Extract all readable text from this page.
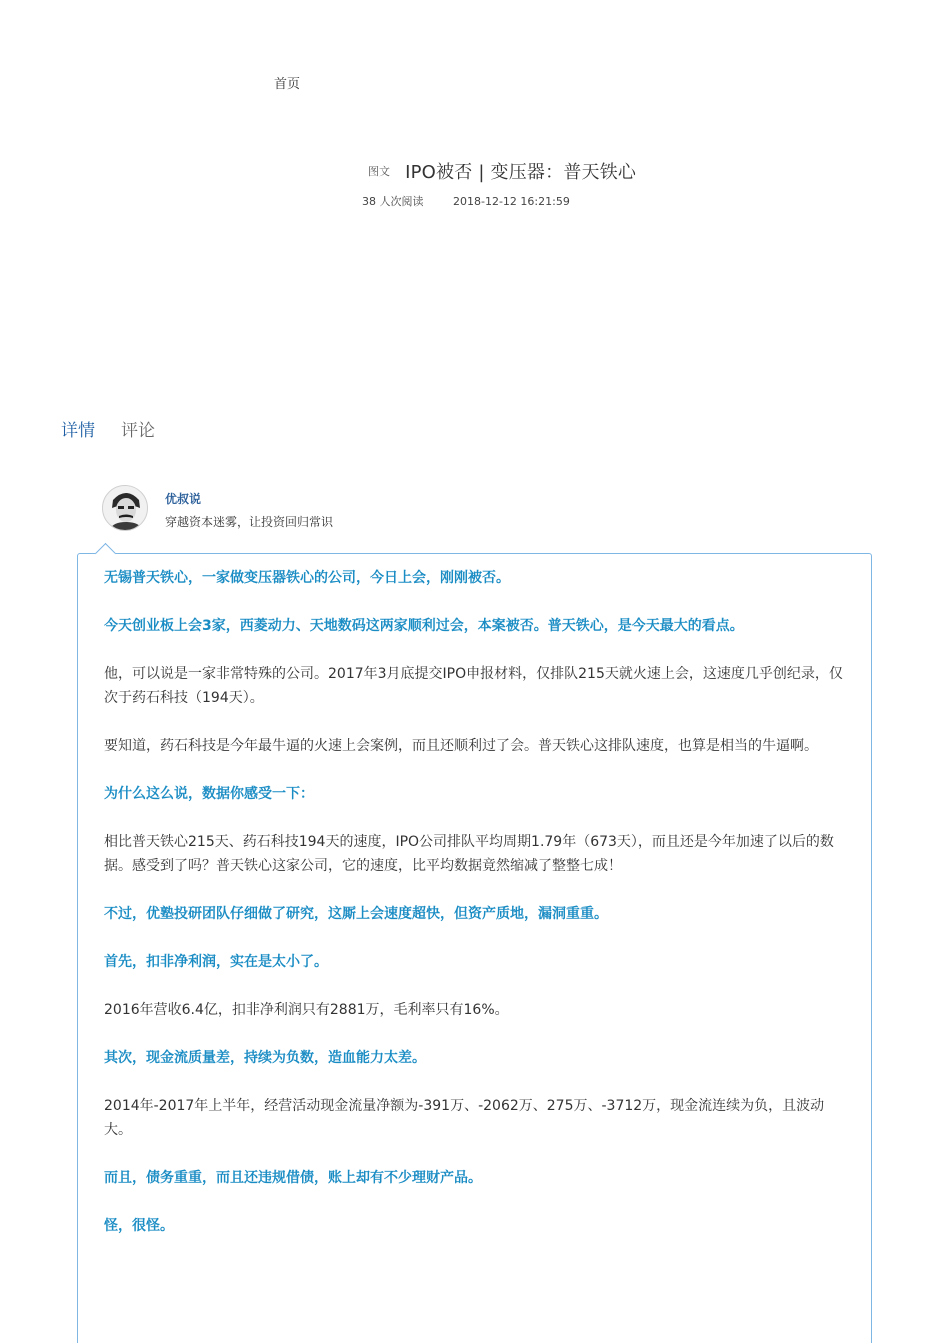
首页
图文 IPO被否 | 变压器：普天铁心
38 人次阅读	2018-12-12 16:21:59
详情 评论
优叔说
穿越资本迷雾，让投资回归常识

无锡普天铁心，一家做变压器铁心的公司，今日上会，刚刚被否。

今天创业板上会3家，西菱动力、天地数码这两家顺利过会，本案被否。普天铁心，是今天最大的看点。

他，可以说是一家非常特殊的公司。2017年3月底提交IPO申报材料，仅排队215天就火速上会，这速度几乎创纪录，仅次于药石科技（194天）。

要知道，药石科技是今年最牛逼的火速上会案例，而且还顺利过了会。普天铁心这排队速度，也算是相当的牛逼啊。

为什么这么说，数据你感受一下：

相比普天铁心215天、药石科技194天的速度，IPO公司排队平均周期1.79年（673天），而且还是今年加速了以后的数据。感受到了吗？普天铁心这家公司，它的速度，比平均数据竟然缩减了整整七成！

不过，优塾投研团队仔细做了研究，这厮上会速度超快，但资产质地，漏洞重重。

首先，扣非净利润，实在是太小了。

2016年营收6.4亿，扣非净利润只有2881万，毛利率只有16%。

其次，现金流质量差，持续为负数，造血能力太差。

2014年-2017年上半年，经营活动现金流量净额为-391万、-2062万、275万、-3712万，现金流连续为负，且波动大。

而且，债务重重，而且还违规借债，账上却有不少理财产品。

怪，很怪。
